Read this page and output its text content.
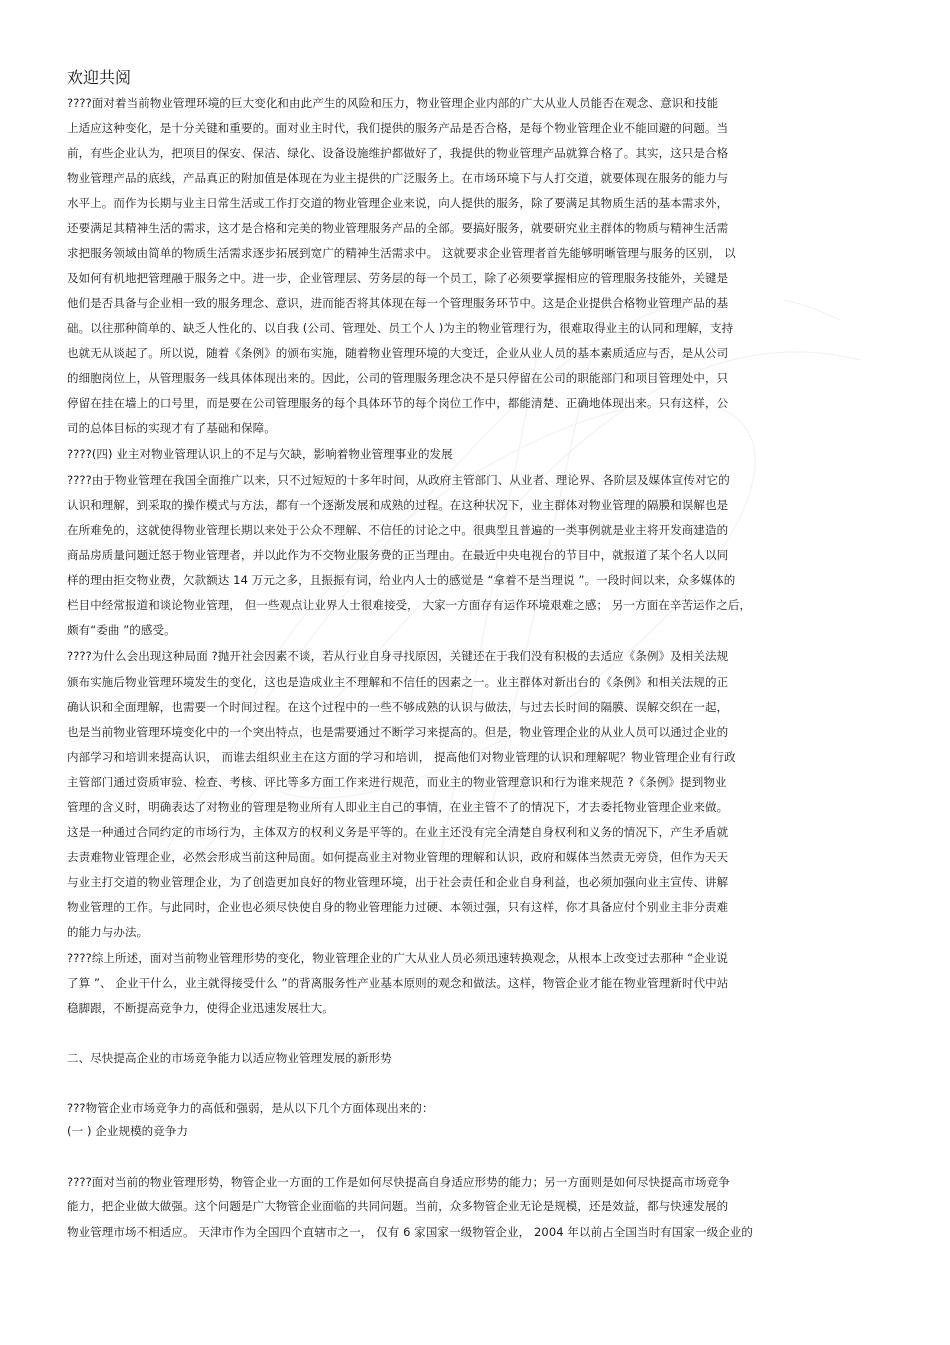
欢迎共阅
????面对着当前物业管理环境的巨大变化和由此产生的风险和压力，物业管理企业内部的广大从业人员能否在观念、意识和技能
上适应这种变化，是十分关键和重要的。面对业主时代，我们提供的服务产品是否合格，是每个物业管理企业不能回避的问题。当
前，有些企业认为，把项目的保安、保洁、绿化、设备设施维护都做好了，我提供的物业管理产品就算合格了。其实，这只是合格
物业管理产品的底线，产品真正的附加值是体现在为业主提供的广泛服务上。在市场环境下与人打交道，就要体现在服务的能力与
水平上。而作为长期与业主日常生活或工作打交道的物业管理企业来说，向人提供的服务，除了要满足其物质生活的基本需求外，
还要满足其精神生活的需求，这才是合格和完美的物业管理服务产品的全部。要搞好服务，就要研究业主群体的物质与精神生活需
求把服务领域由简单的物质生活需求逐步拓展到宽广的精神生活需求中。 这就要求企业管理者首先能够明晰管理与服务的区别， 以
及如何有机地把管理融于服务之中。进一步，企业管理层、劳务层的每一个员工，除了必须要掌握相应的管理服务技能外，关键是
他们是否具备与企业相一致的服务理念、意识，进而能否将其体现在每一个管理服务环节中。这是企业提供合格物业管理产品的基
础。以往那种简单的、缺乏人性化的、以自我 (公司、管理处、员工个人 )为主的物业管理行为，很难取得业主的认同和理解，支持
也就无从谈起了。所以说，随着《条例》的颁布实施，随着物业管理环境的大变迁，企业从业人员的基本素质适应与否，是从公司
的细胞岗位上，从管理服务一线具体体现出来的。因此，公司的管理服务理念决不是只停留在公司的职能部门和项目管理处中，只
停留在挂在墙上的口号里，而是要在公司管理服务的每个具体环节的每个岗位工作中，都能清楚、正确地体现出来。只有这样，公
司的总体目标的实现才有了基础和保障。
????(四) 业主对物业管理认识上的不足与欠缺，影响着物业管理事业的发展
????由于物业管理在我国全面推广以来，只不过短短的十多年时间，从政府主管部门、从业者、理论界、各阶层及媒体宣传对它的
认识和理解，到采取的操作模式与方法，都有一个逐渐发展和成熟的过程。在这种状况下，业主群体对物业管理的隔膜和误解也是
在所难免的，这就使得物业管理长期以来处于公众不理解、不信任的讨论之中。很典型且普遍的一类事例就是业主将开发商建造的
商品房质量问题迁怒于物业管理者，并以此作为不交物业服务费的正当理由。在最近中央电视台的节目中，就报道了某个名人以同
样的理由拒交物业费，欠款额达 14 万元之多，且振振有词，给业内人士的感觉是 “拿着不是当理说 ”。一段时间以来，众多媒体的
栏目中经常报道和谈论物业管理， 但一些观点让业界人士很难接受， 大家一方面存有运作环境艰难之感； 另一方面在辛苦运作之后，
颇有“委曲 ”的感受。
????为什么会出现这种局面 ?抛开社会因素不谈，若从行业自身寻找原因，关键还在于我们没有积极的去适应《条例》及相关法规
颁布实施后物业管理环境发生的变化，这也是造成业主不理解和不信任的因素之一。业主群体对新出台的《条例》和相关法规的正
确认识和全面理解，也需要一个时间过程。在这个过程中的一些不够成熟的认识与做法，与过去长时间的隔膜、误解交织在一起，
也是当前物业管理环境变化中的一个突出特点，也是需要通过不断学习来提高的。但是，物业管理企业的从业人员可以通过企业的
内部学习和培训来提高认识， 而谁去组织业主在这方面的学习和培训， 提高他们对物业管理的认识和理解呢？物业管理企业有行政
主管部门通过资质审验、检查、考核、评比等多方面工作来进行规范，而业主的物业管理意识和行为谁来规范 ?《条例》提到物业
管理的含义时，明确表达了对物业的管理是物业所有人即业主自己的事情，在业主管不了的情况下，才去委托物业管理企业来做。
这是一种通过合同约定的市场行为，主体双方的权利义务是平等的。在业主还没有完全清楚自身权利和义务的情况下，产生矛盾就
去责难物业管理企业，必然会形成当前这种局面。如何提高业主对物业管理的理解和认识，政府和媒体当然责无旁贷，但作为天天
与业主打交道的物业管理企业，为了创造更加良好的物业管理环境，出于社会责任和企业自身利益，也必须加强向业主宣传、讲解
物业管理的工作。与此同时，企业也必须尽快使自身的物业管理能力过硬、本领过强，只有这样，你才具备应付个别业主非分责难
的能力与办法。
????综上所述，面对当前物业管理形势的变化，物业管理企业的广大从业人员必须迅速转换观念，从根本上改变过去那种 “企业说
了算 ”、 企业干什么，业主就得接受什么 ”的背离服务性产业基本原则的观念和做法。这样，物管企业才能在物业管理新时代中站
稳脚跟，不断提高竞争力，使得企业迅速发展壮大。
二、尽快提高企业的市场竞争能力以适应物业管理发展的新形势
???物管企业市场竞争力的高低和强弱，是从以下几个方面体现出来的：
(一 ) 企业规模的竞争力
????面对当前的物业管理形势，物管企业一方面的工作是如何尽快提高自身适应形势的能力；另一方面则是如何尽快提高市场竞争
能力，把企业做大做强。这个问题是广大物管企业面临的共同问题。当前，众多物管企业无论是规模，还是效益，都与快速发展的
物业管理市场不相适应。 天津市作为全国四个直辖市之一， 仅有 6 家国家一级物管企业， 2004 年以前占全国当时有国家一级企业的
